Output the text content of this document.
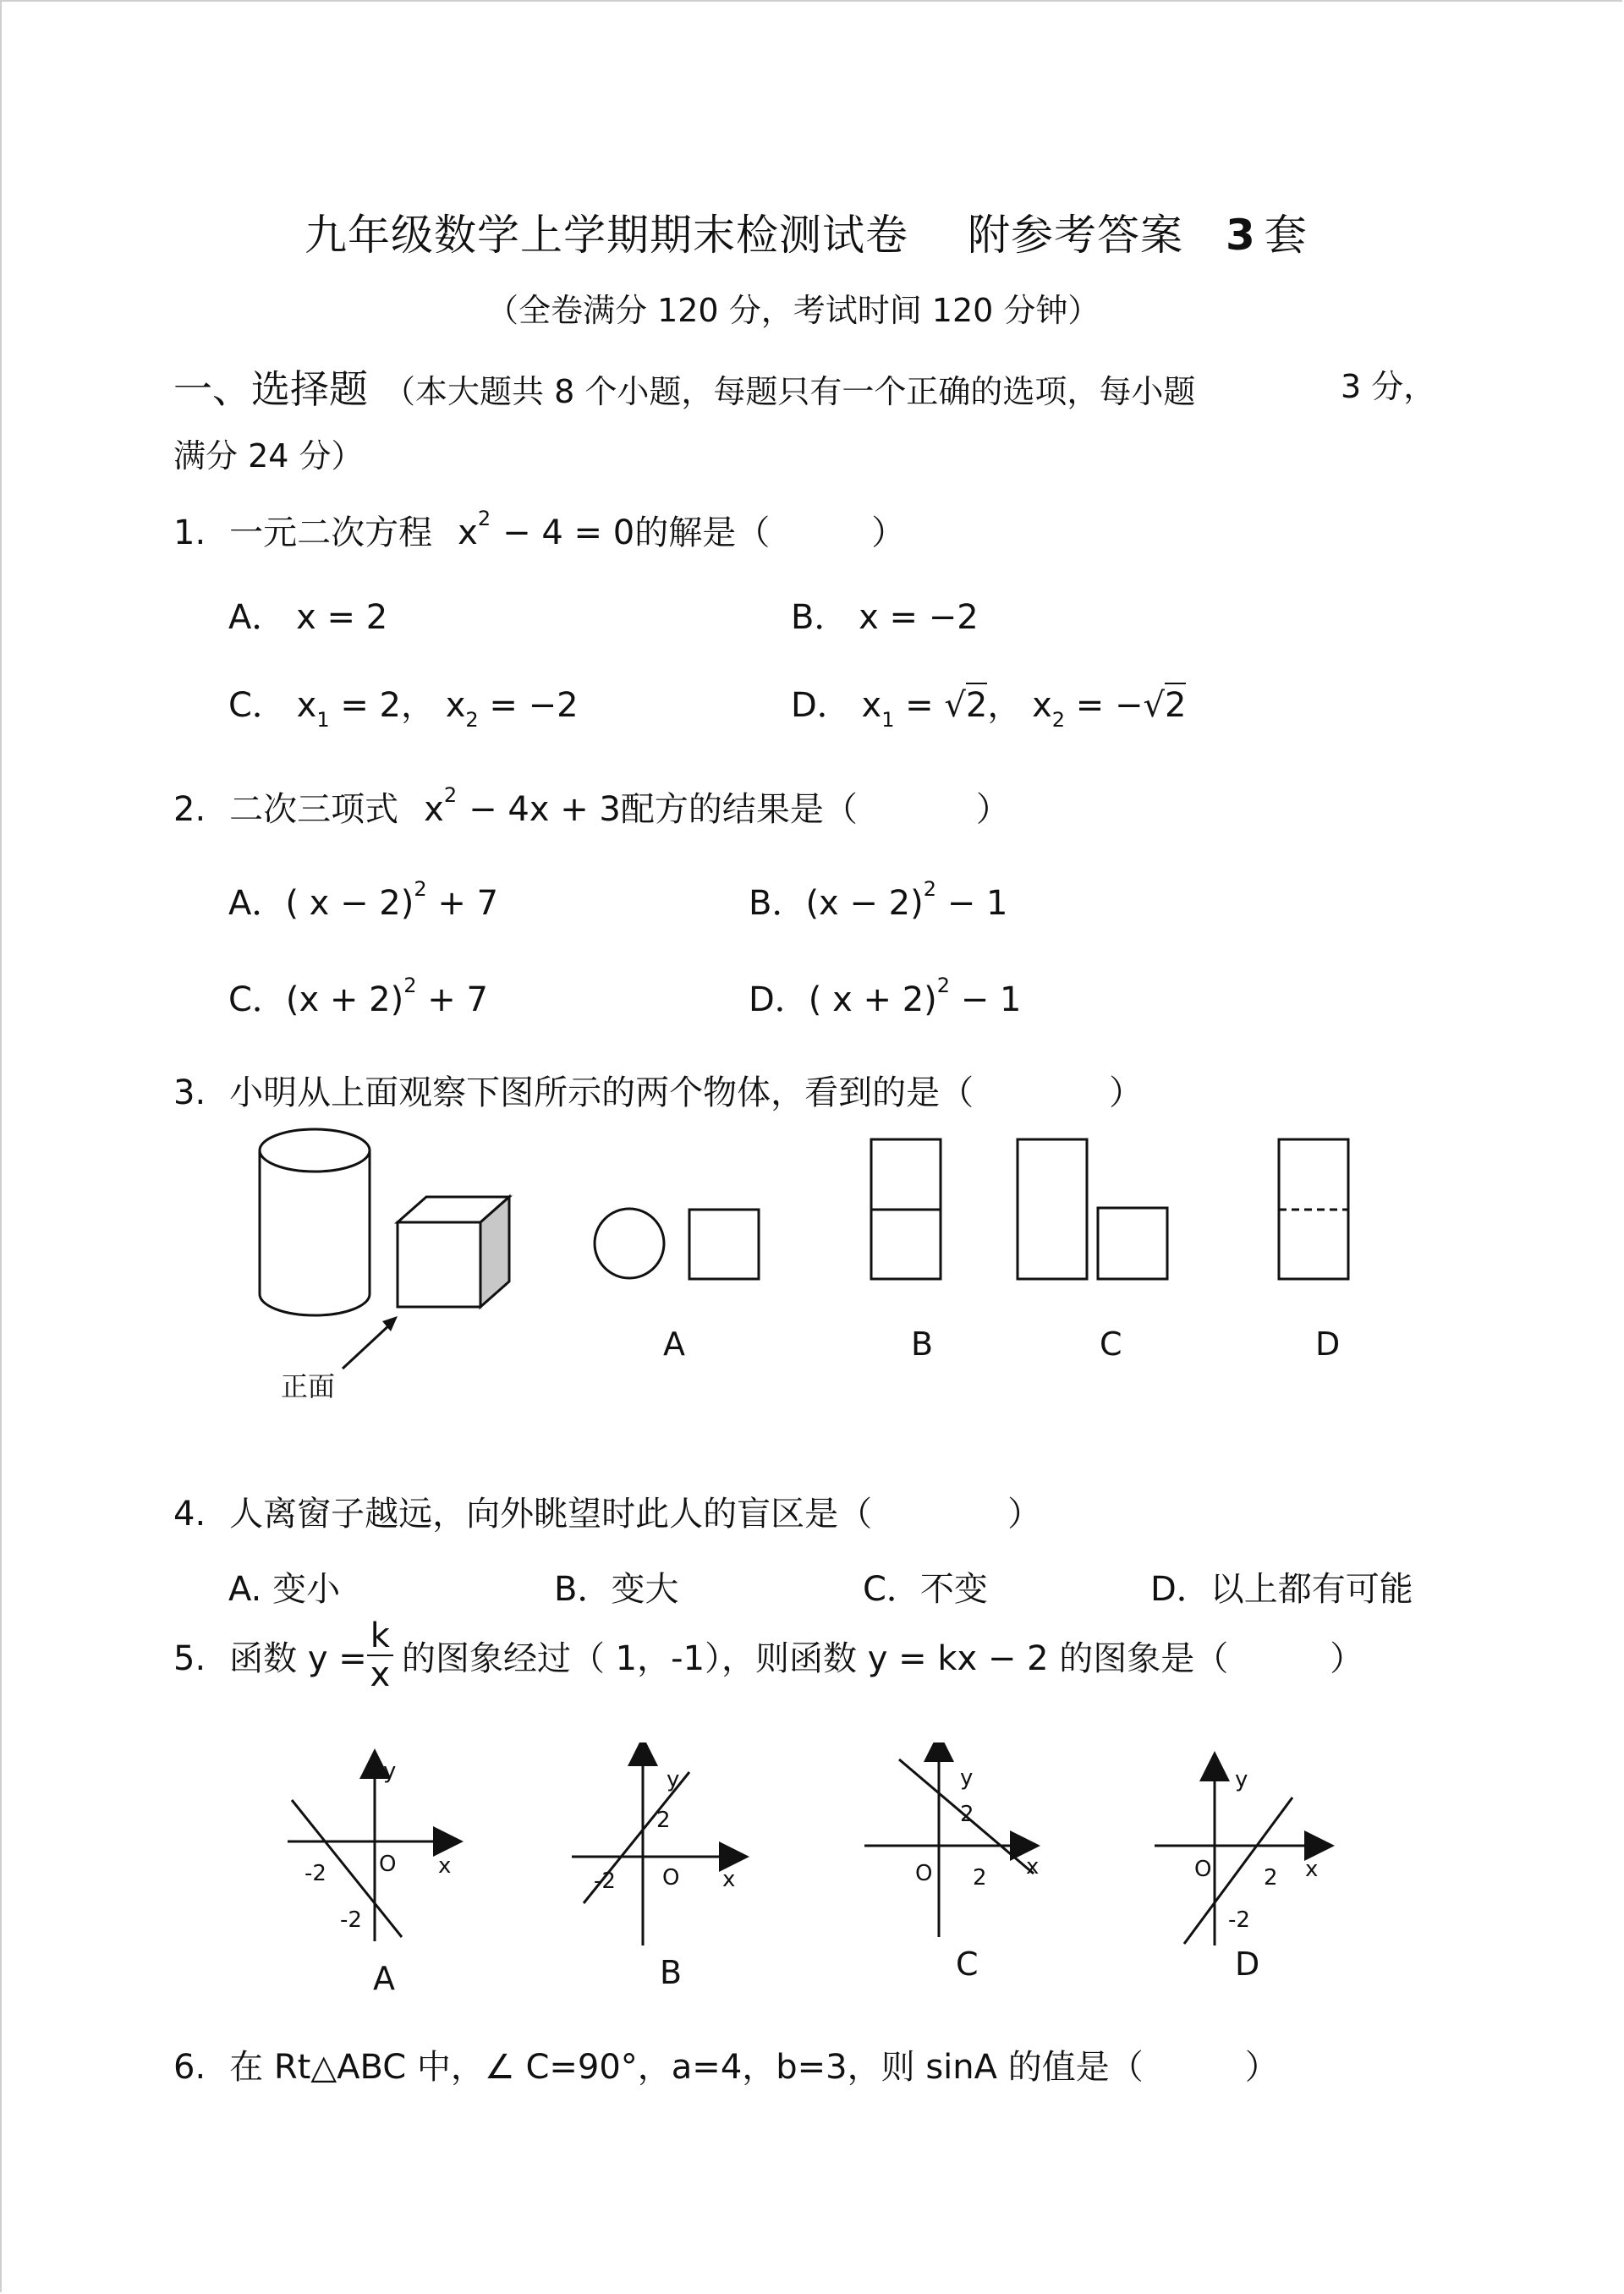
九年级数学上学期期末检测试卷 附参考答案 3 套
（全卷满分 120 分，考试时间 120 分钟）
一、选择题 （本大题共 8 个小题，每题只有一个正确的选项，每小题	3 分，
满分 24 分）
1. 一元二次方程 $x^2 - 4 = 0$的解是（	）
A． x = 2	B． x = −2
C． $x_1 = 2$， $x_2 = -2$	D． $x_1 = √2$， $x_2 = -√2$
2. 二次三项式 $x^2 - 4x + 3$配方的结果是（	）
A．( x − 2)$^2$ + 7	B．$(x - 2)^2 - 1$
C．$(x + 2)^2 + 7$	D．( x + 2)$^2$ − 1
3. 小明从上面观察下图所示的两个物体，看到的是（	）
正面
A	B	C	D
4. 人离窗子越远，向外眺望时此人的盲区是（	）
A. 变小	B．变大	C．不变	D．以上都有可能
5. 函数 $y = \frac{k}{x}$ 的图象经过（ 1，-1），则函数 y = kx − 2 的图象是（	）
y
x
O
-2
-2
A
y
x
O
-2
2
B
y
x
O 2
2
C
y
x
O 2
-2
D
6. 在 Rt△ABC 中，∠ C=90°，a=4，b=3，则 sinA 的值是（	）
